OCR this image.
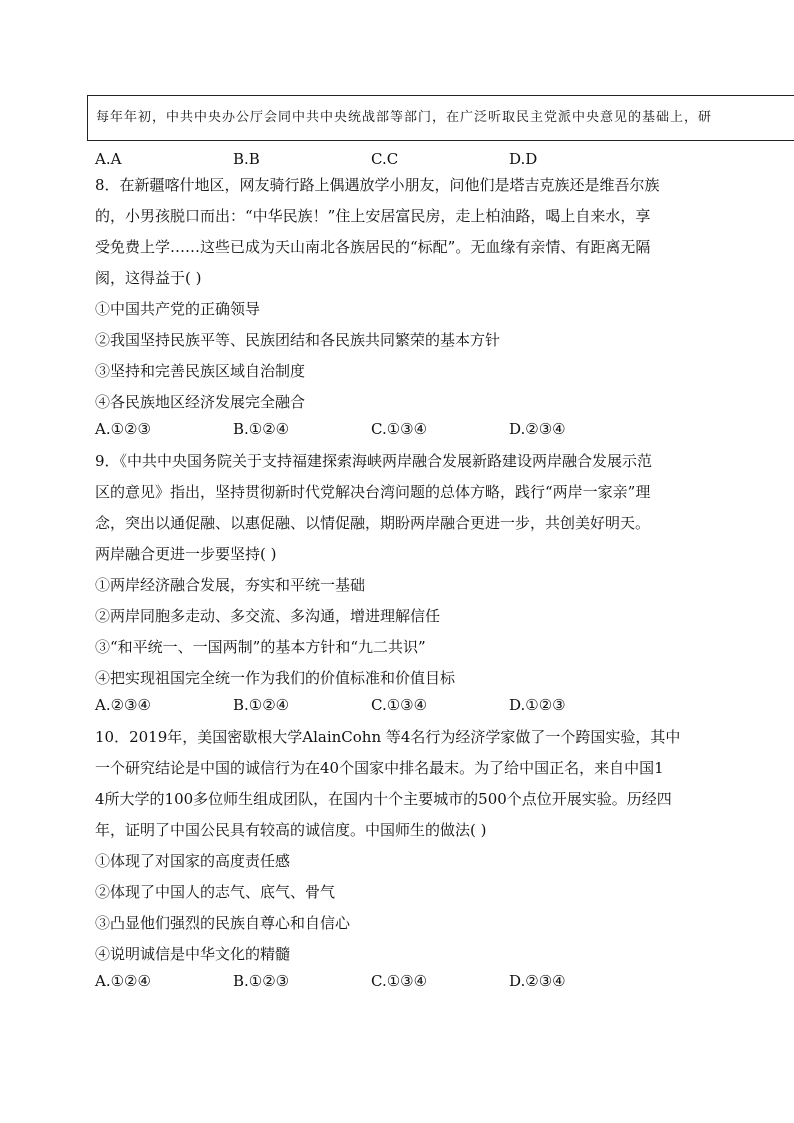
每年年初，中共中央办公厅会同中共中央统战部等部门，在广泛听取民主党派中央意见的基础上，研
A.A	B.B	C.C	D.D
8．在新疆喀什地区，网友骑行路上偶遇放学小朋友，问他们是塔吉克族还是维吾尔族
的，小男孩脱口而出：“中华民族！”住上安居富民房，走上柏油路，喝上自来水，享
受免费上学……这些已成为天山南北各族居民的“标配”。无血缘有亲情、有距离无隔
阂，这得益于( )
①中国共产党的正确领导
②我国坚持民族平等、民族团结和各民族共同繁荣的基本方针
③坚持和完善民族区域自治制度
④各民族地区经济发展完全融合
A.①②③	B.①②④	C.①③④	D.②③④
9．《中共中央国务院关于支持福建探索海峡两岸融合发展新路建设两岸融合发展示范
区的意见》指出，坚持贯彻新时代党解决台湾问题的总体方略，践行“两岸一家亲”理
念，突出以通促融、以惠促融、以情促融，期盼两岸融合更进一步，共创美好明天。
两岸融合更进一步要坚持( )
①两岸经济融合发展，夯实和平统一基础
②两岸同胞多走动、多交流、多沟通，增进理解信任
③“和平统一、一国两制”的基本方针和“九二共识”
④把实现祖国完全统一作为我们的价值标准和价值目标
A.②③④	B.①②④	C.①③④	D.①②③
10．2019年，美国密歇根大学AlainCohn 等4名行为经济学家做了一个跨国实验，其中
一个研究结论是中国的诚信行为在40个国家中排名最末。为了给中国正名，来自中国1
4所大学的100多位师生组成团队，在国内十个主要城市的500个点位开展实验。历经四
年，证明了中国公民具有较高的诚信度。中国师生的做法( )
①体现了对国家的高度责任感
②体现了中国人的志气、底气、骨气
③凸显他们强烈的民族自尊心和自信心
④说明诚信是中华文化的精髓
A.①②④	B.①②③	C.①③④	D.②③④
